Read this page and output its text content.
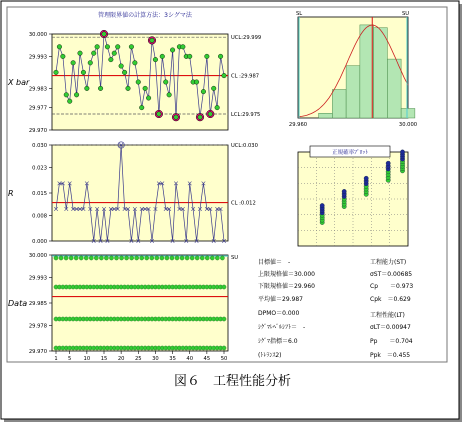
29.970
29.977
29.983
29.993
30.000
UCL:29.999
LCL:29.975
CL :29.987
X bar
0.000
0.008
0.015
0.023
0.030	UCL:0.030
CL :0.012
R
SU
29.970
29.978
29.985
29.993
30.000
1 5 10 15 20 25 30 35 40 45 50
Data
SL	SU
29.960	30.000
正規確率ﾌﾟﾛｯﾄ
管理限界値の計算方法：3シグマ法
目標値＝　-
上限規格値＝30.000
下限規格値＝29.960
平均値＝29.987
DPMO＝0.000
ｼｸﾞﾏﾚﾍﾞﾙｼﾌﾄ＝　-
ｼｸﾞﾏ指標＝6.0
(ﾄﾚﾗﾝｽ2)
工程能力(ST)
σST＝0.00685
Cp　　＝0.973
Cpk　＝0.629
工程性能(LT)
σLT＝0.00947
Pp　　＝0.704
Ppk　＝0.455
図６　工程性能分析
